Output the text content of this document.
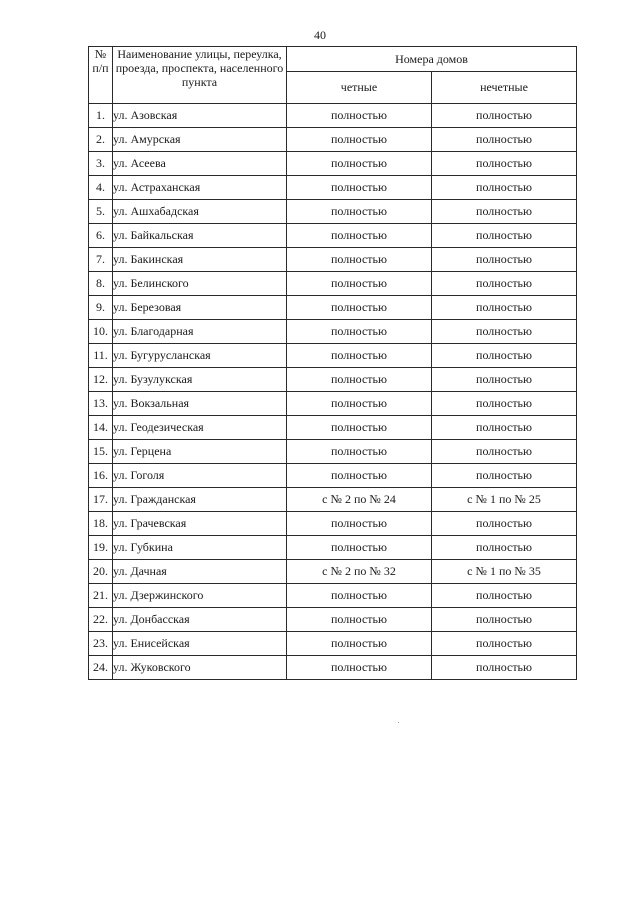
40
№ п/п	Наименование улицы, переулка, проезда, проспекта, населенного пункта	Номера домов	
		четные	нечетные
1.	ул. Азовская	полностью	полностью
2.	ул. Амурская	полностью	полностью
3.	ул. Асеева	полностью	полностью
4.	ул. Астраханская	полностью	полностью
5.	ул. Ашхабадская	полностью	полностью
6.	ул. Байкальская	полностью	полностью
7.	ул. Бакинская	полностью	полностью
8.	ул. Белинского	полностью	полностью
9.	ул. Березовая	полностью	полностью
10.	ул. Благодарная	полностью	полностью
11.	ул. Бугурусланская	полностью	полностью
12.	ул. Бузулукская	полностью	полностью
13.	ул. Вокзальная	полностью	полностью
14.	ул. Геодезическая	полностью	полностью
15.	ул. Герцена	полностью	полностью
16.	ул. Гоголя	полностью	полностью
17.	ул. Гражданская	с № 2 по № 24	с № 1 по № 25
18.	ул. Грачевская	полностью	полностью
19.	ул. Губкина	полностью	полностью
20.	ул. Дачная	с № 2 по № 32	с № 1 по № 35
21.	ул. Дзержинского	полностью	полностью
22.	ул. Донбасская	полностью	полностью
23.	ул. Енисейская	полностью	полностью
24.	ул. Жуковского	полностью	полностью
